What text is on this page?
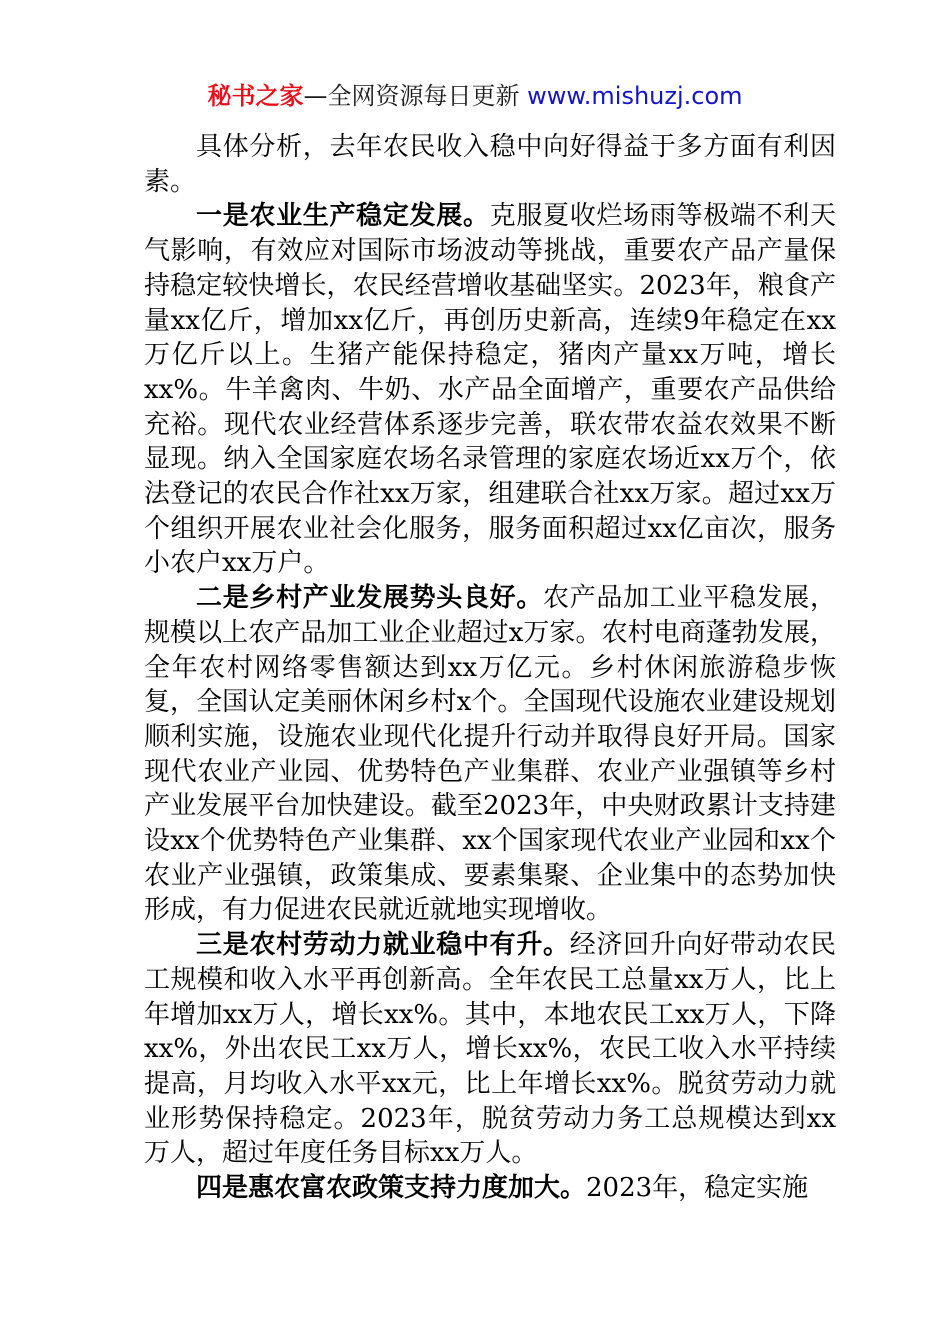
秘书之家—全网资源每日更新 www.mishuzj.com

具体分析，去年农民收入稳中向好得益于多方面有利因素。

一是农业生产稳定发展。克服夏收烂场雨等极端不利天气影响，有效应对国际市场波动等挑战，重要农产品产量保持稳定较快增长，农民经营增收基础坚实。2023年，粮食产量xx亿斤，增加xx亿斤，再创历史新高，连续9年稳定在xx万亿斤以上。生猪产能保持稳定，猪肉产量xx万吨，增长xx%。牛羊禽肉、牛奶、水产品全面增产，重要农产品供给充裕。现代农业经营体系逐步完善，联农带农益农效果不断显现。纳入全国家庭农场名录管理的家庭农场近xx万个，依法登记的农民合作社xx万家，组建联合社xx万家。超过xx万个组织开展农业社会化服务，服务面积超过xx亿亩次，服务小农户xx万户。

二是乡村产业发展势头良好。农产品加工业平稳发展，规模以上农产品加工业企业超过x万家。农村电商蓬勃发展，全年农村网络零售额达到xx万亿元。乡村休闲旅游稳步恢复，全国认定美丽休闲乡村x个。全国现代设施农业建设规划顺利实施，设施农业现代化提升行动并取得良好开局。国家现代农业产业园、优势特色产业集群、农业产业强镇等乡村产业发展平台加快建设。截至2023年，中央财政累计支持建设xx个优势特色产业集群、xx个国家现代农业产业园和xx个农业产业强镇，政策集成、要素集聚、企业集中的态势加快形成，有力促进农民就近就地实现增收。

三是农村劳动力就业稳中有升。经济回升向好带动农民工规模和收入水平再创新高。全年农民工总量xx万人，比上年增加xx万人，增长xx%。其中，本地农民工xx万人，下降xx%，外出农民工xx万人，增长xx%，农民工收入水平持续提高，月均收入水平xx元，比上年增长xx%。脱贫劳动力就业形势保持稳定。2023年，脱贫劳动力务工总规模达到xx万人，超过年度任务目标xx万人。

四是惠农富农政策支持力度加大。2023年，稳定实施
